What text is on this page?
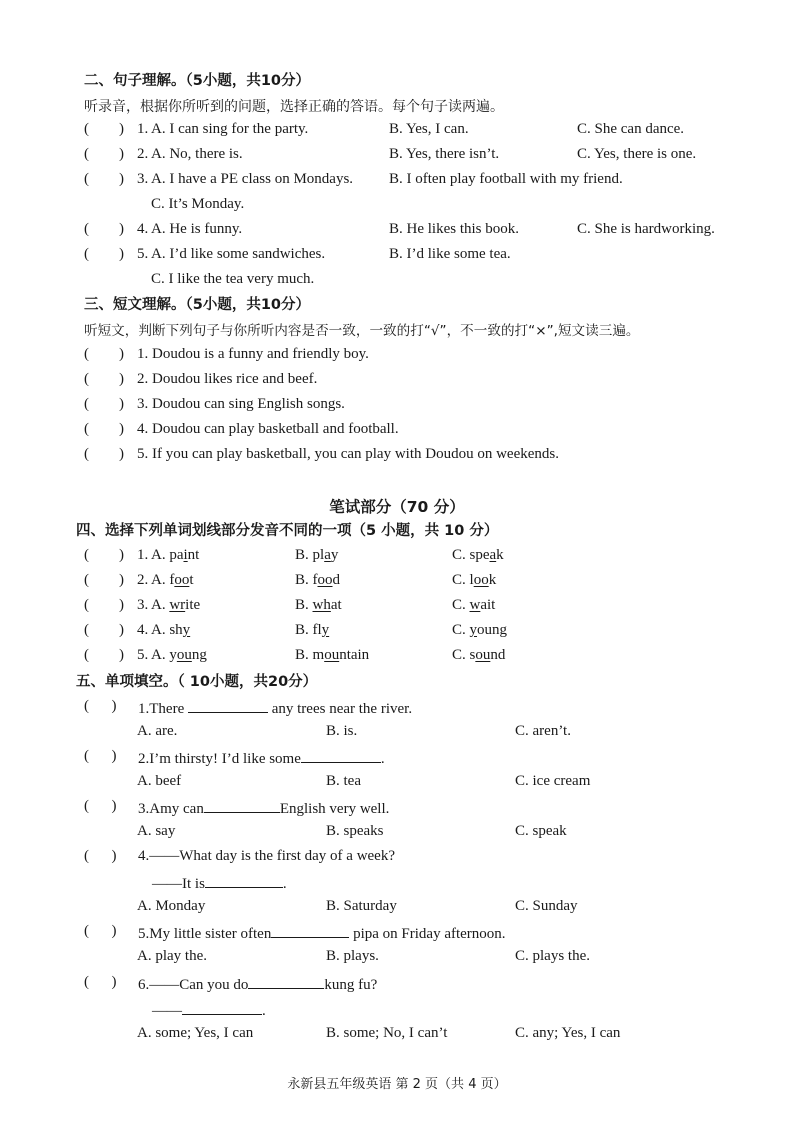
二、句子理解。（5小题，共10分）
听录音，根据你所听到的问题，选择正确的答语。每个句子读两遍。
(        ) 1. A. I can sing for the party.	B. Yes, I can.	C. She can dance.
(        ) 2. A. No, there is.	B. Yes, there isn’t.	C. Yes, there is one.
(        ) 3. A. I have a PE class on Mondays. B. I often play football with my friend.
C. It’s Monday.
(        ) 4. A. He is funny.	B. He likes this book.	C. She is hardworking.
(        ) 5. A. I’d like some sandwiches.	B. I’d like some tea.
C. I like the tea very much.
三、短文理解。（5小题，共10分）
听短文，判断下列句子与你所听内容是否一致，一致的打“√”，不一致的打“×”,短文读三遍。
(        ) 1. Doudou is a funny and friendly boy.
(        ) 2. Doudou likes rice and beef.
(        ) 3. Doudou can sing English songs.
(        ) 4. Doudou can play basketball and football.
(        ) 5. If you can play basketball, you can play with Doudou on weekends.
笔试部分（70 分）
四、选择下列单词划线部分发音不同的一项（5 小题，共 10 分）
(        ) 1. A. paint	B. play	C. speak
(        ) 2. A. foot	B. food	C. look
(        ) 3. A. write	B. what	C. wait
(        ) 4. A. shy	B. fly	C. young
(        ) 5. A. young	B. mountain	C. sound
五、单项填空。（ 10小题，共20分）
(      ) 1.There	any trees near the river.
A. are.	B. is.	C. aren’t.
(      ) 2.I’m thirsty! I’d like some	.
A. beef	B. tea	C. ice cream
(      ) 3.Amy can	English very well.
A. say	B. speaks	C. speak
(      ) 4.——What day is the first day of a week?
——It is	.
A. Monday	B. Saturday	C. Sunday
(      ) 5.My little sister often	pipa on Friday afternoon.
A. play the.	B. plays.	C. plays the.
(      ) 6.——Can you do	kung fu?
——	.
A. some; Yes, I can	B. some; No, I can’t	C. any; Yes, I can
永新县五年级英语 第 2 页（共 4 页）
